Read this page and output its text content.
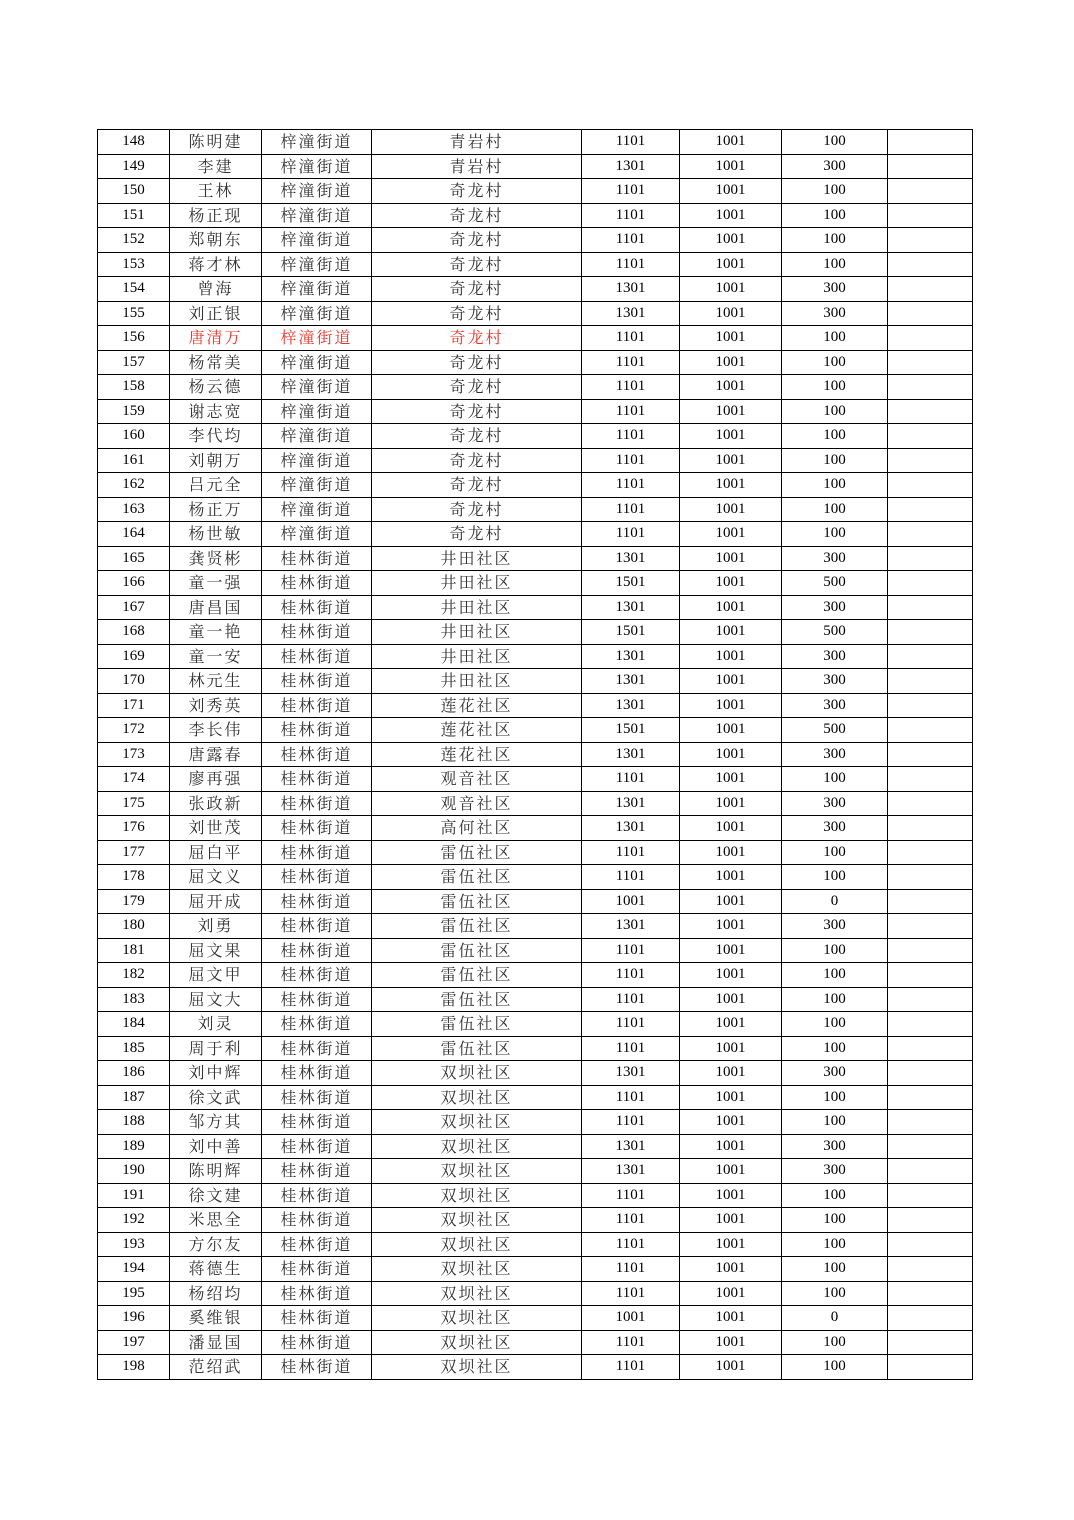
148	陈明建	梓潼街道	青岩村	1101	1001	100	
149	李建	梓潼街道	青岩村	1301	1001	300	
150	王林	梓潼街道	奇龙村	1101	1001	100	
151	杨正现	梓潼街道	奇龙村	1101	1001	100	
152	郑朝东	梓潼街道	奇龙村	1101	1001	100	
153	蒋才林	梓潼街道	奇龙村	1101	1001	100	
154	曾海	梓潼街道	奇龙村	1301	1001	300	
155	刘正银	梓潼街道	奇龙村	1301	1001	300	
156	唐清万	梓潼街道	奇龙村	1101	1001	100	
157	杨常美	梓潼街道	奇龙村	1101	1001	100	
158	杨云德	梓潼街道	奇龙村	1101	1001	100	
159	谢志宽	梓潼街道	奇龙村	1101	1001	100	
160	李代均	梓潼街道	奇龙村	1101	1001	100	
161	刘朝万	梓潼街道	奇龙村	1101	1001	100	
162	吕元全	梓潼街道	奇龙村	1101	1001	100	
163	杨正万	梓潼街道	奇龙村	1101	1001	100	
164	杨世敏	梓潼街道	奇龙村	1101	1001	100	
165	龚贤彬	桂林街道	井田社区	1301	1001	300	
166	童一强	桂林街道	井田社区	1501	1001	500	
167	唐昌国	桂林街道	井田社区	1301	1001	300	
168	童一艳	桂林街道	井田社区	1501	1001	500	
169	童一安	桂林街道	井田社区	1301	1001	300	
170	林元生	桂林街道	井田社区	1301	1001	300	
171	刘秀英	桂林街道	莲花社区	1301	1001	300	
172	李长伟	桂林街道	莲花社区	1501	1001	500	
173	唐露春	桂林街道	莲花社区	1301	1001	300	
174	廖再强	桂林街道	观音社区	1101	1001	100	
175	张政新	桂林街道	观音社区	1301	1001	300	
176	刘世茂	桂林街道	高何社区	1301	1001	300	
177	屈白平	桂林街道	雷伍社区	1101	1001	100	
178	屈文义	桂林街道	雷伍社区	1101	1001	100	
179	屈开成	桂林街道	雷伍社区	1001	1001	0	
180	刘勇	桂林街道	雷伍社区	1301	1001	300	
181	屈文果	桂林街道	雷伍社区	1101	1001	100	
182	屈文甲	桂林街道	雷伍社区	1101	1001	100	
183	屈文大	桂林街道	雷伍社区	1101	1001	100	
184	刘灵	桂林街道	雷伍社区	1101	1001	100	
185	周于利	桂林街道	雷伍社区	1101	1001	100	
186	刘中辉	桂林街道	双坝社区	1301	1001	300	
187	徐文武	桂林街道	双坝社区	1101	1001	100	
188	邹方其	桂林街道	双坝社区	1101	1001	100	
189	刘中善	桂林街道	双坝社区	1301	1001	300	
190	陈明辉	桂林街道	双坝社区	1301	1001	300	
191	徐文建	桂林街道	双坝社区	1101	1001	100	
192	米思全	桂林街道	双坝社区	1101	1001	100	
193	方尔友	桂林街道	双坝社区	1101	1001	100	
194	蒋德生	桂林街道	双坝社区	1101	1001	100	
195	杨绍均	桂林街道	双坝社区	1101	1001	100	
196	奚维银	桂林街道	双坝社区	1001	1001	0	
197	潘显国	桂林街道	双坝社区	1101	1001	100	
198	范绍武	桂林街道	双坝社区	1101	1001	100	
